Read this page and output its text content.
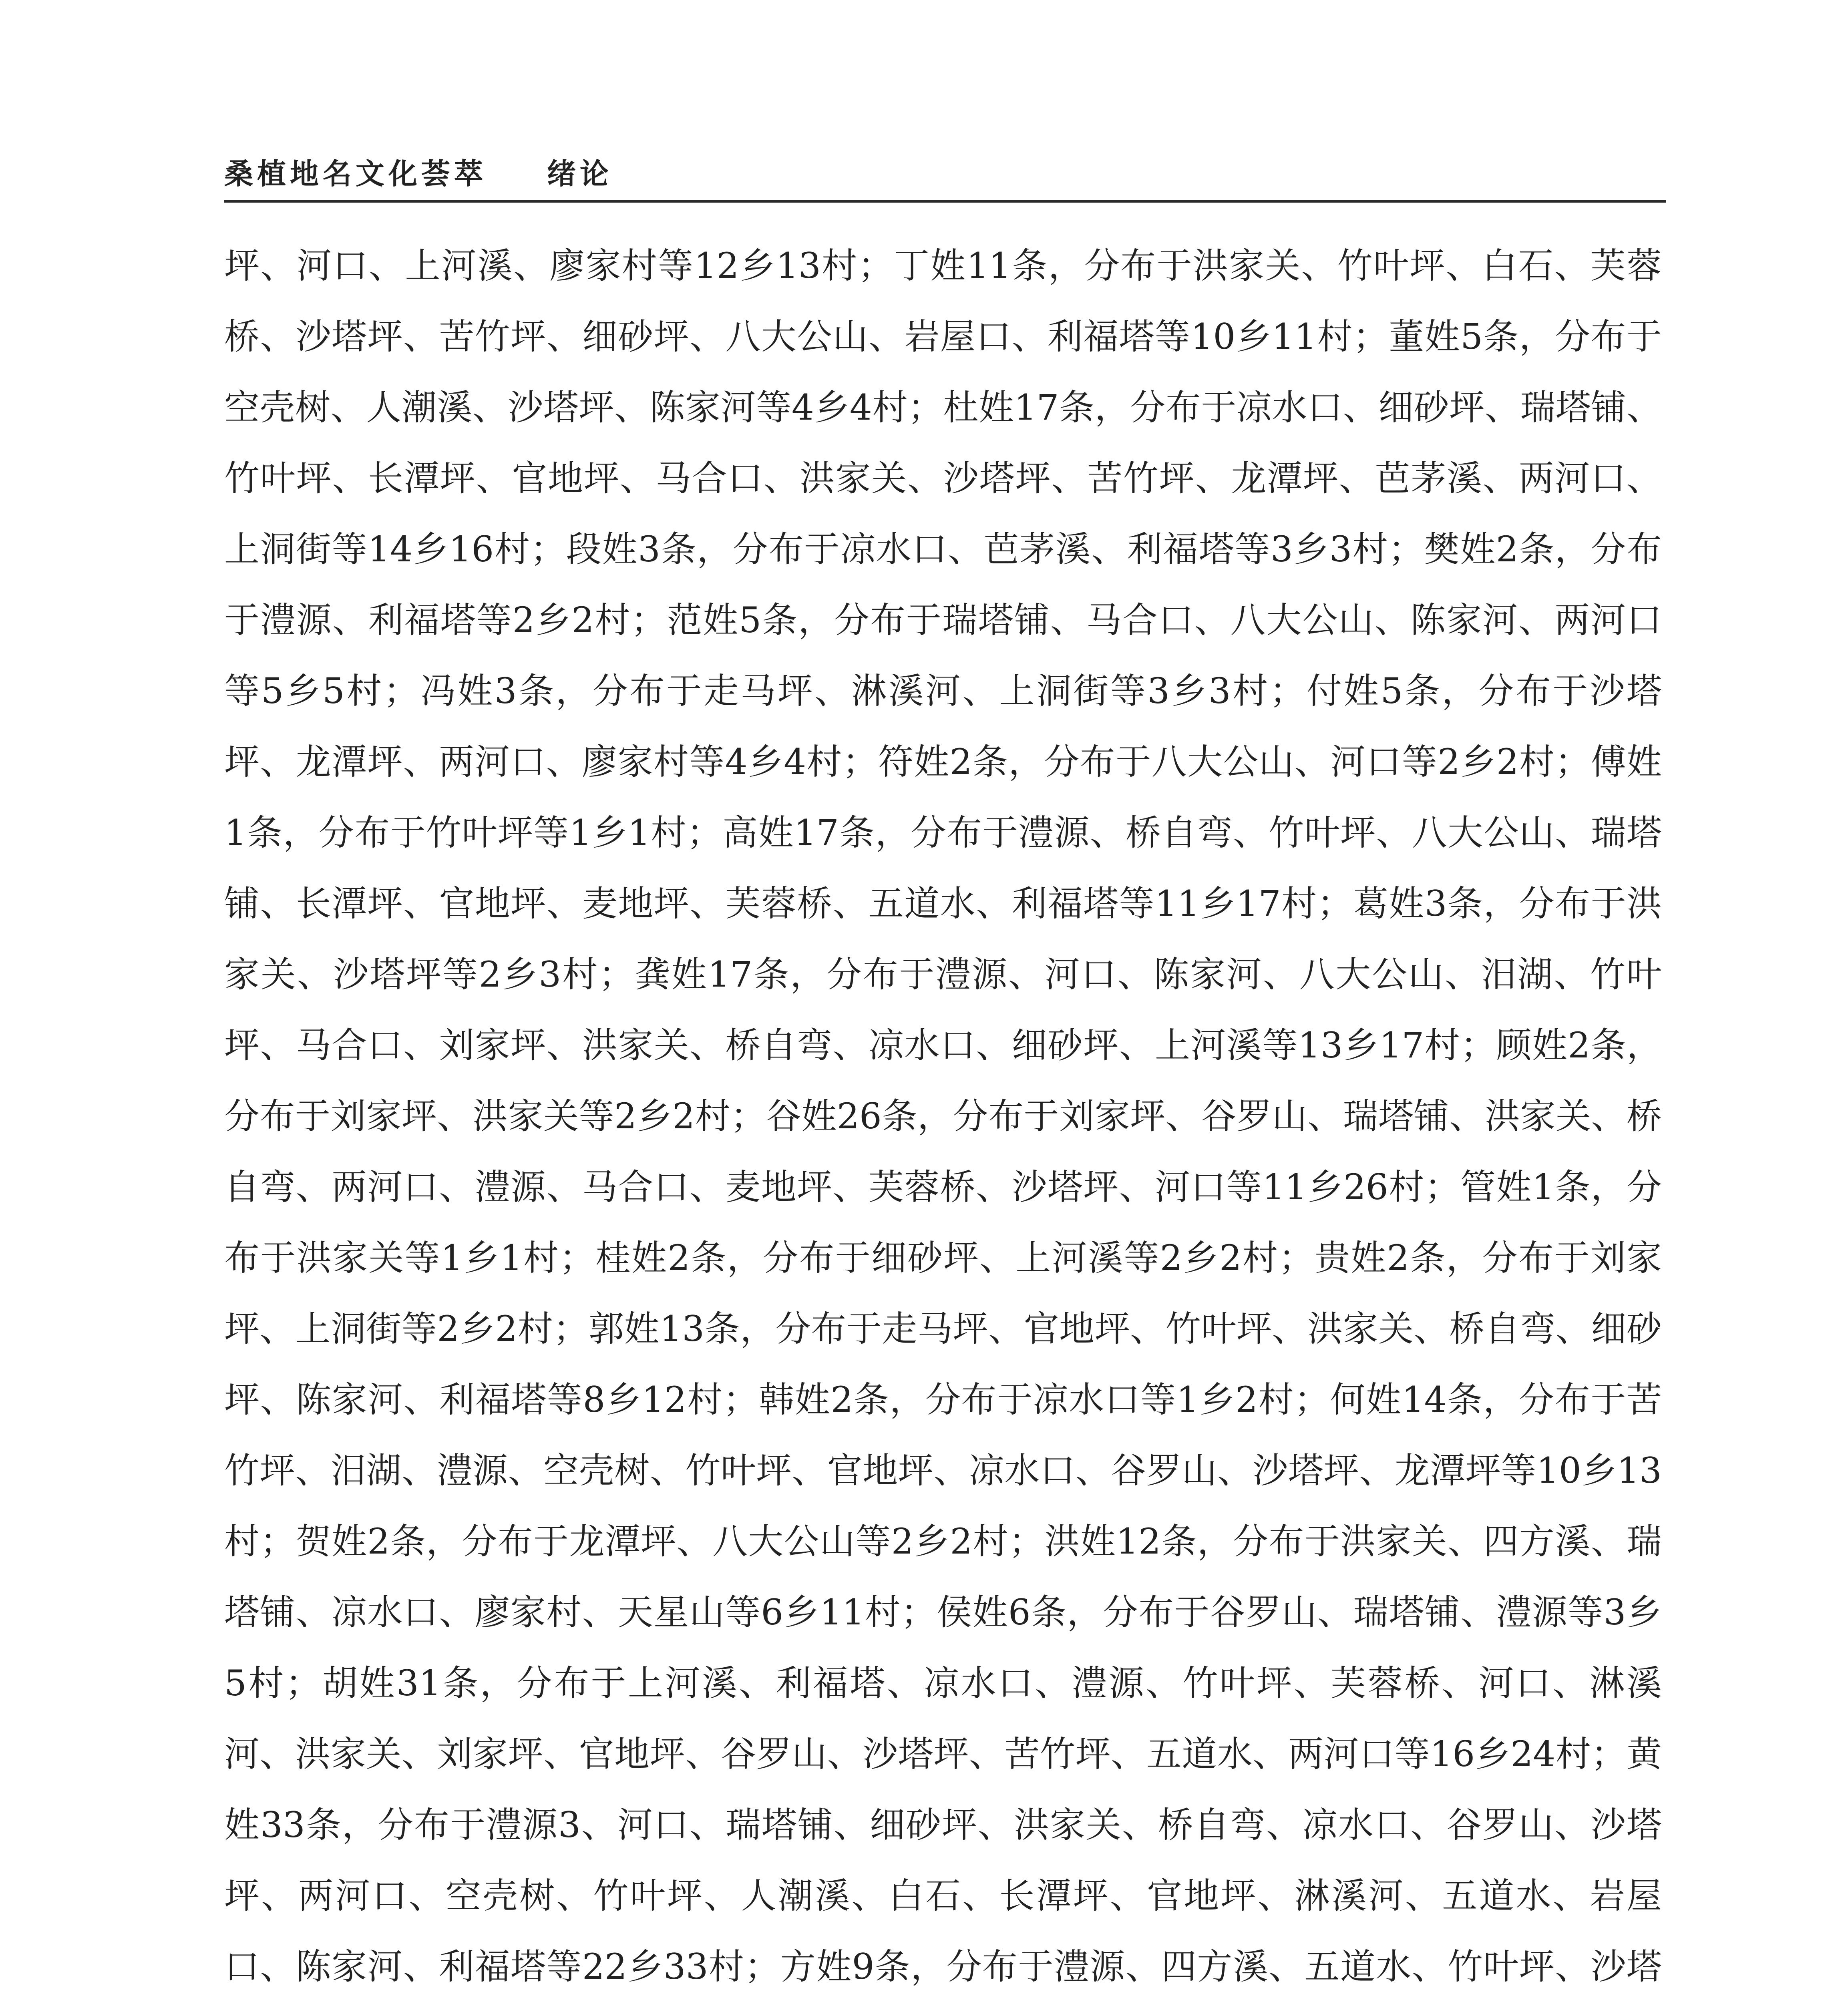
桑植地名文化荟萃 绪论

坪、河口、上河溪、廖家村等12乡13村；丁姓11条，分布于洪家关、竹叶坪、白石、芙蓉桥、沙塔坪、苦竹坪、细砂坪、八大公山、岩屋口、利福塔等10乡11村；董姓5条，分布于空壳树、人潮溪、沙塔坪、陈家河等4乡4村；杜姓17条，分布于凉水口、细砂坪、瑞塔铺、竹叶坪、长潭坪、官地坪、马合口、洪家关、沙塔坪、苦竹坪、龙潭坪、芭茅溪、两河口、上洞街等14乡16村；段姓3条，分布于凉水口、芭茅溪、利福塔等3乡3村；樊姓2条，分布于澧源、利福塔等2乡2村；范姓5条，分布于瑞塔铺、马合口、八大公山、陈家河、两河口等5乡5村；冯姓3条，分布于走马坪、淋溪河、上洞街等3乡3村；付姓5条，分布于沙塔坪、龙潭坪、两河口、廖家村等4乡4村；符姓2条，分布于八大公山、河口等2乡2村；傅姓1条，分布于竹叶坪等1乡1村；高姓17条，分布于澧源、桥自弯、竹叶坪、八大公山、瑞塔铺、长潭坪、官地坪、麦地坪、芙蓉桥、五道水、利福塔等11乡17村；葛姓3条，分布于洪家关、沙塔坪等2乡3村；龚姓17条，分布于澧源、河口、陈家河、八大公山、汨湖、竹叶坪、马合口、刘家坪、洪家关、桥自弯、凉水口、细砂坪、上河溪等13乡17村；顾姓2条，分布于刘家坪、洪家关等2乡2村；谷姓26条，分布于刘家坪、谷罗山、瑞塔铺、洪家关、桥自弯、两河口、澧源、马合口、麦地坪、芙蓉桥、沙塔坪、河口等11乡26村；管姓1条，分布于洪家关等1乡1村；桂姓2条，分布于细砂坪、上河溪等2乡2村；贵姓2条，分布于刘家坪、上洞街等2乡2村；郭姓13条，分布于走马坪、官地坪、竹叶坪、洪家关、桥自弯、细砂坪、陈家河、利福塔等8乡12村；韩姓2条，分布于凉水口等1乡2村；何姓14条，分布于苦竹坪、汨湖、澧源、空壳树、竹叶坪、官地坪、凉水口、谷罗山、沙塔坪、龙潭坪等10乡13村；贺姓2条，分布于龙潭坪、八大公山等2乡2村；洪姓12条，分布于洪家关、四方溪、瑞塔铺、凉水口、廖家村、天星山等6乡11村；侯姓6条，分布于谷罗山、瑞塔铺、澧源等3乡5村；胡姓31条，分布于上河溪、利福塔、凉水口、澧源、竹叶坪、芙蓉桥、河口、淋溪河、洪家关、刘家坪、官地坪、谷罗山、沙塔坪、苦竹坪、五道水、两河口等16乡24村；黄姓33条，分布于澧源3、河口、瑞塔铺、细砂坪、洪家关、桥自弯、凉水口、谷罗山、沙塔坪、两河口、空壳树、竹叶坪、人潮溪、白石、长潭坪、官地坪、淋溪河、五道水、岩屋口、陈家河、利福塔等22乡33村；方姓9条，分布于澧源、四方溪、五道水、竹叶坪、沙塔
